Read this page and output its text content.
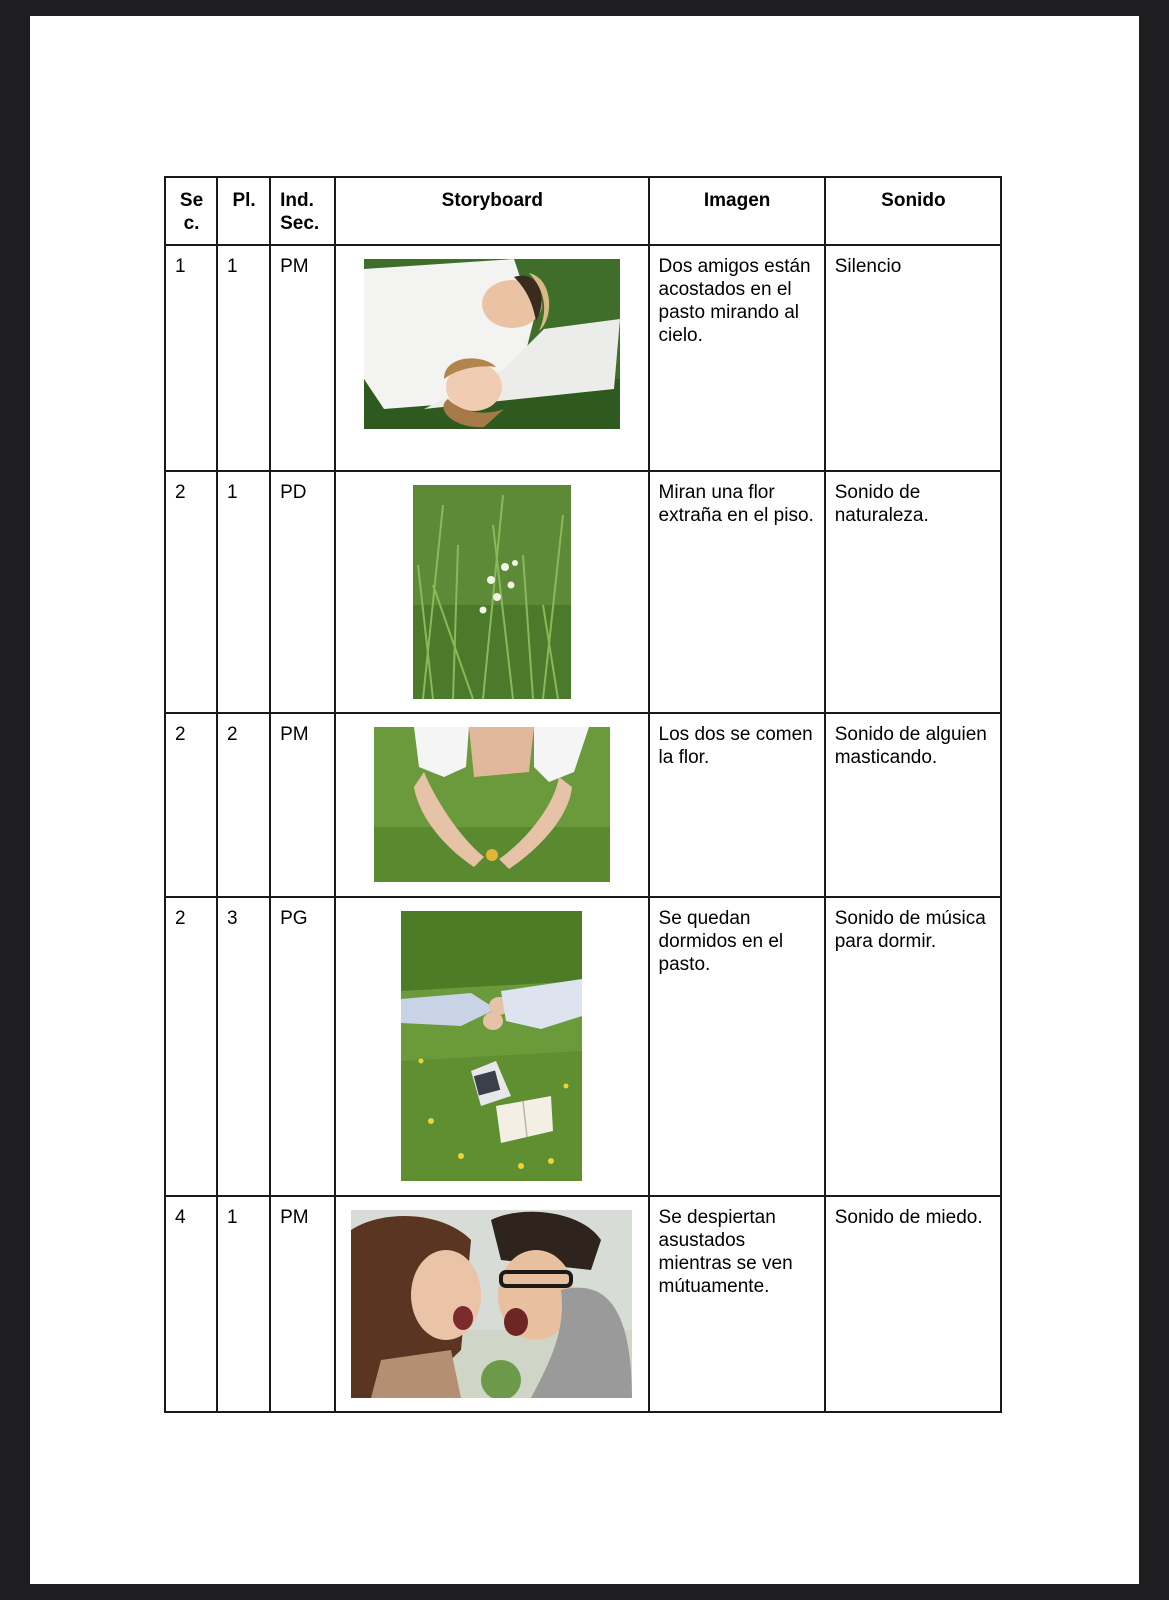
Se c.	Pl.	Ind. Sec.	Storyboard	Imagen	Sonido
1	1	PM		Dos amigos están acostados en el pasto mirando al cielo.	Silencio
2	1	PD		Miran una flor extraña en el piso.	Sonido de naturaleza.
2	2	PM		Los dos se comen la flor.	Sonido de alguien masticando.
2	3	PG		Se quedan dormidos en el pasto.	Sonido de música para dormir.
4	1	PM		Se despiertan asustados mientras se ven mútuamente.	Sonido de miedo.
